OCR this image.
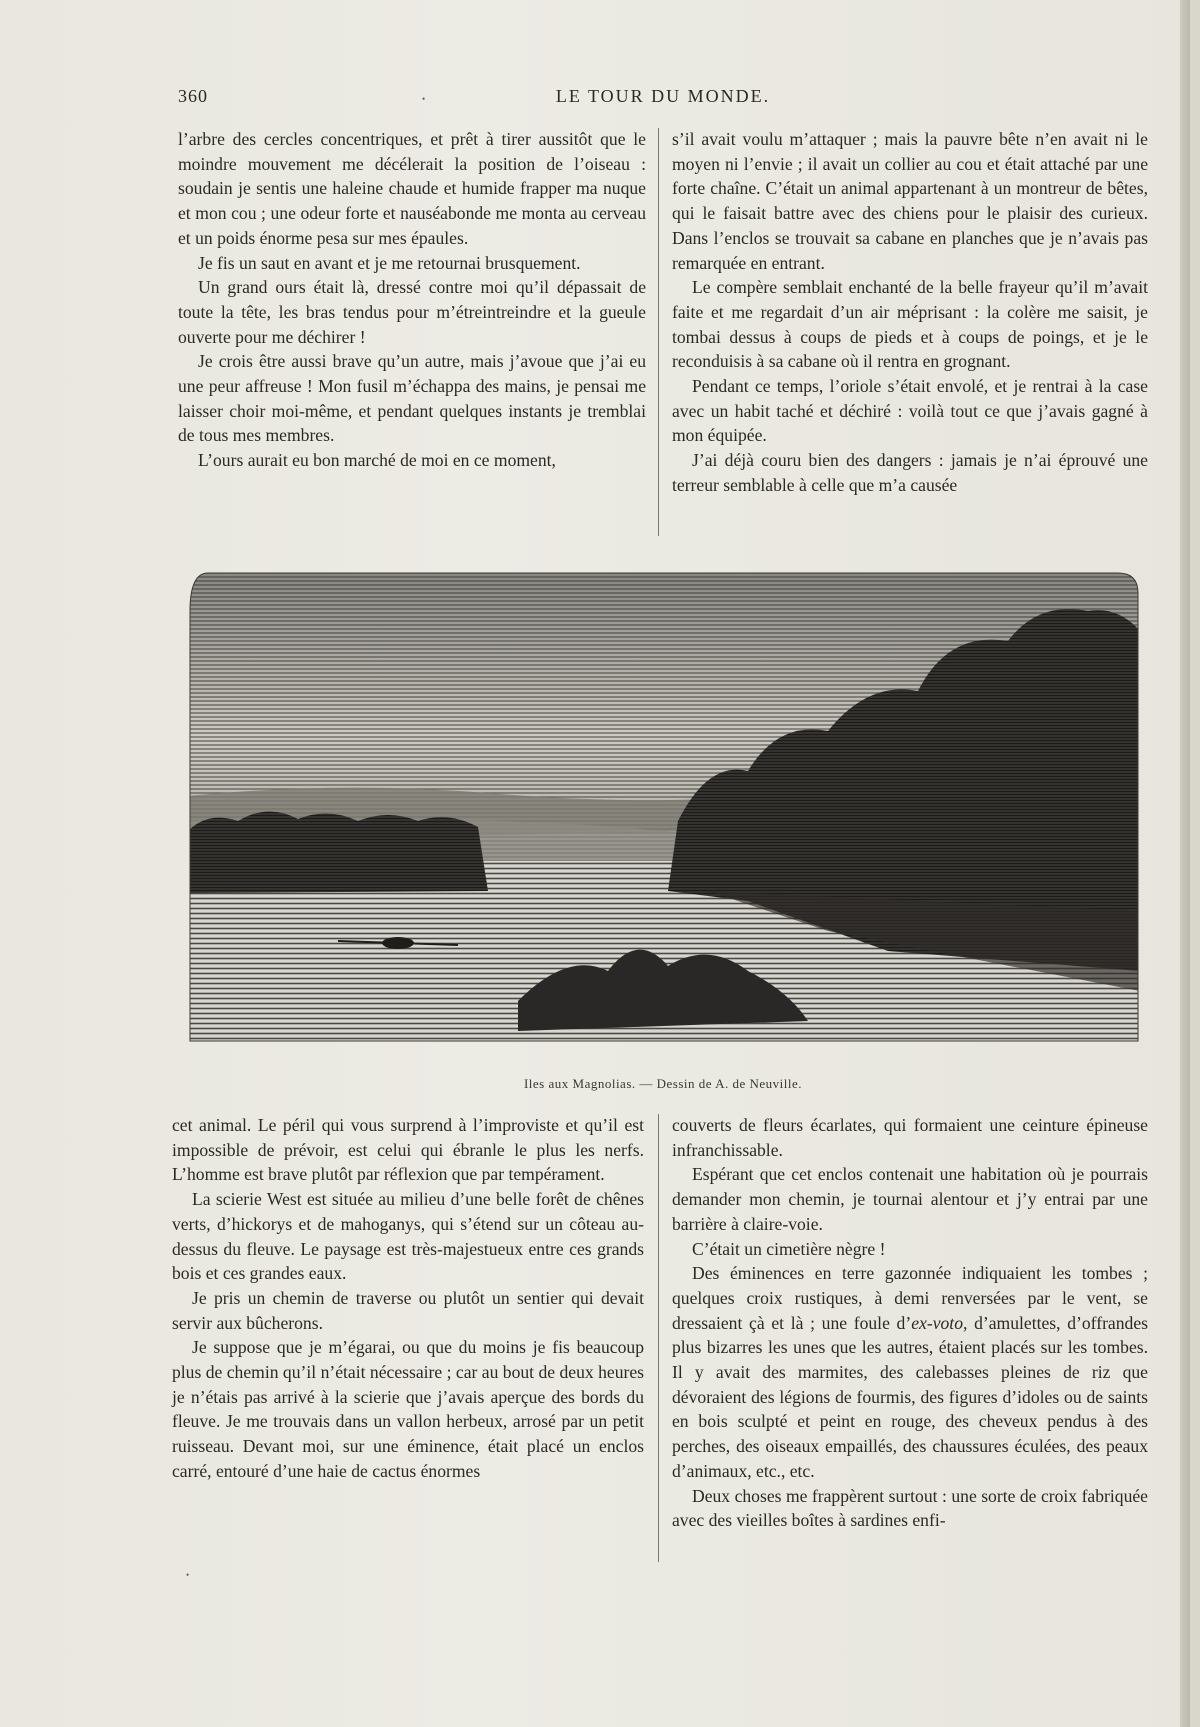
360	LE TOUR DU MONDE.
•

l’arbre des cercles concentriques, et prêt à tirer aussitôt que le moindre mouvement me décélerait la position de l’oiseau : soudain je sentis une haleine chaude et humide frapper ma nuque et mon cou ; une odeur forte et nauséabonde me monta au cerveau et un poids énorme pesa sur mes épaules.

Je fis un saut en avant et je me retournai brusquement.

Un grand ours était là, dressé contre moi qu’il dépassait de toute la tête, les bras tendus pour m’étreintreindre et la gueule ouverte pour me déchirer !

Je crois être aussi brave qu’un autre, mais j’avoue que j’ai eu une peur affreuse ! Mon fusil m’échappa des mains, je pensai me laisser choir moi-même, et pendant quelques instants je tremblai de tous mes membres.

L’ours aurait eu bon marché de moi en ce moment,

s’il avait voulu m’attaquer ; mais la pauvre bête n’en avait ni le moyen ni l’envie ; il avait un collier au cou et était attaché par une forte chaîne. C’était un animal appartenant à un montreur de bêtes, qui le faisait battre avec des chiens pour le plaisir des curieux. Dans l’enclos se trouvait sa cabane en planches que je n’avais pas remarquée en entrant.

Le compère semblait enchanté de la belle frayeur qu’il m’avait faite et me regardait d’un air méprisant : la colère me saisit, je tombai dessus à coups de pieds et à coups de poings, et je le reconduisis à sa cabane où il rentra en grognant.

Pendant ce temps, l’oriole s’était envolé, et je rentrai à la case avec un habit taché et déchiré : voilà tout ce que j’avais gagné à mon équipée.

J’ai déjà couru bien des dangers : jamais je n’ai éprouvé une terreur semblable à celle que m’a causée

Iles aux Magnolias. — Dessin de A. de Neuville.

cet animal. Le péril qui vous surprend à l’improviste et qu’il est impossible de prévoir, est celui qui ébranle le plus les nerfs. L’homme est brave plutôt par réflexion que par tempérament.

La scierie West est située au milieu d’une belle forêt de chênes verts, d’hickorys et de mahoganys, qui s’étend sur un côteau au-dessus du fleuve. Le paysage est très-majestueux entre ces grands bois et ces grandes eaux.

Je pris un chemin de traverse ou plutôt un sentier qui devait servir aux bûcherons.

Je suppose que je m’égarai, ou que du moins je fis beaucoup plus de chemin qu’il n’était nécessaire ; car au bout de deux heures je n’étais pas arrivé à la scierie que j’avais aperçue des bords du fleuve. Je me trouvais dans un vallon herbeux, arrosé par un petit ruisseau. Devant moi, sur une éminence, était placé un enclos carré, entouré d’une haie de cactus énormes

couverts de fleurs écarlates, qui formaient une ceinture épineuse infranchissable.

Espérant que cet enclos contenait une habitation où je pourrais demander mon chemin, je tournai alentour et j’y entrai par une barrière à claire-voie.

C’était un cimetière nègre !

Des éminences en terre gazonnée indiquaient les tombes ; quelques croix rustiques, à demi renversées par le vent, se dressaient çà et là ; une foule d’ex-voto, d’amulettes, d’offrandes plus bizarres les unes que les autres, étaient placés sur les tombes. Il y avait des marmites, des calebasses pleines de riz que dévoraient des légions de fourmis, des figures d’idoles ou de saints en bois sculpté et peint en rouge, des cheveux pendus à des perches, des oiseaux empaillés, des chaussures éculées, des peaux d’animaux, etc., etc.

Deux choses me frappèrent surtout : une sorte de croix fabriquée avec des vieilles boîtes à sardines enfi-

•
